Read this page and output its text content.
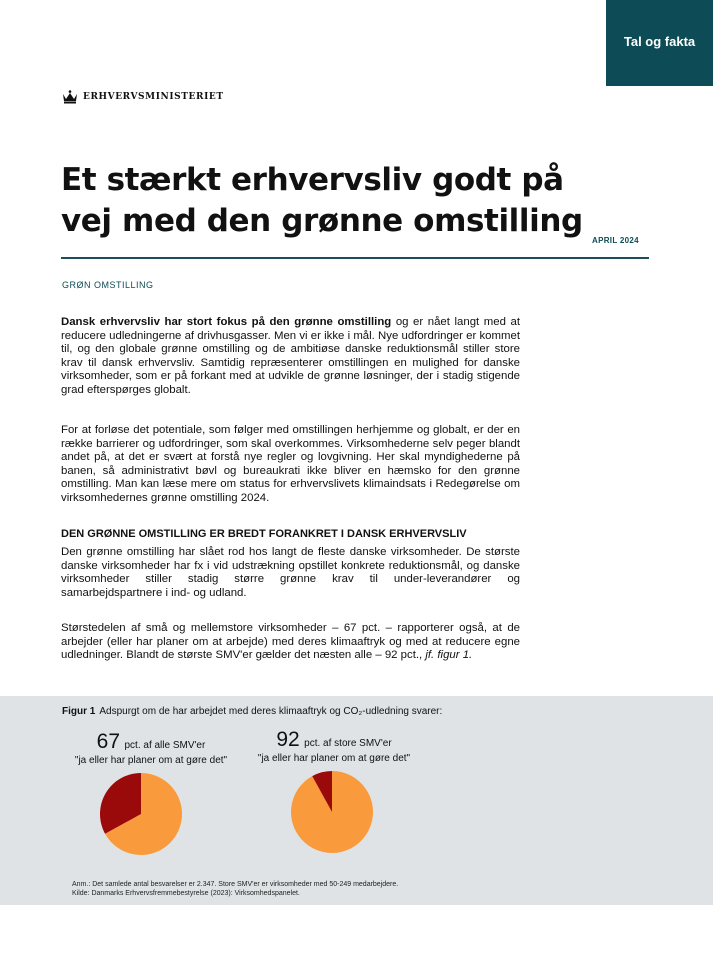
Tal og fakta
ERHVERVSMINISTERIET
Et stærkt erhvervsliv godt på vej med den grønne omstilling
APRIL 2024
GRØN OMSTILLING

Dansk erhvervsliv har stort fokus på den grønne omstilling og er nået langt med at reducere udledningerne af drivhusgasser. Men vi er ikke i mål. Nye udfordringer er kommet til, og den globale grønne omstilling og de ambitiøse danske reduktionsmål stiller store krav til dansk erhvervsliv. Samtidig repræsenterer omstillingen en mulighed for danske virksomheder, som er på forkant med at udvikle de grønne løsninger, der i stadig stigende grad efterspørges globalt.

For at forløse det potentiale, som følger med omstillingen herhjemme og globalt, er der en række barrierer og udfordringer, som skal overkommes. Virksomhederne selv peger blandt andet på, at det er svært at forstå nye regler og lovgivning. Her skal myndighederne på banen, så administrativt bøvl og bureaukrati ikke bliver en hæmsko for den grønne omstilling. Man kan læse mere om status for erhvervslivets klimaindsats i Redegørelse om virksomhedernes grønne omstilling 2024.

DEN GRØNNE OMSTILLING ER BREDT FORANKRET I DANSK ERHVERVSLIV

Den grønne omstilling har slået rod hos langt de fleste danske virksomheder. De største danske virksomheder har fx i vid udstrækning opstillet konkrete reduktionsmål, og danske virksomheder stiller stadig større grønne krav til under-leverandører og samarbejdspartnere i ind- og udland.

Størstedelen af små og mellemstore virksomheder – 67 pct. – rapporterer også, at de arbejder (eller har planer om at arbejde) med deres klimaaftryk og med at reducere egne udledninger. Blandt de største SMV'er gælder det næsten alle – 92 pct., jf. figur 1.

Figur 1 Adspurgt om de har arbejdet med deres klimaaftryk og CO₂-udledning svarer:
67 pct. af alle SMV'er
"ja eller har planer om at gøre det"
92 pct. af store SMV'er
"ja eller har planer om at gøre det"
Anm.: Det samlede antal besvarelser er 2.347. Store SMV'er er virksomheder med 50-249 medarbejdere.
Kilde: Danmarks Erhvervsfremmebestyrelse (2023): Virksomhedspanelet.
